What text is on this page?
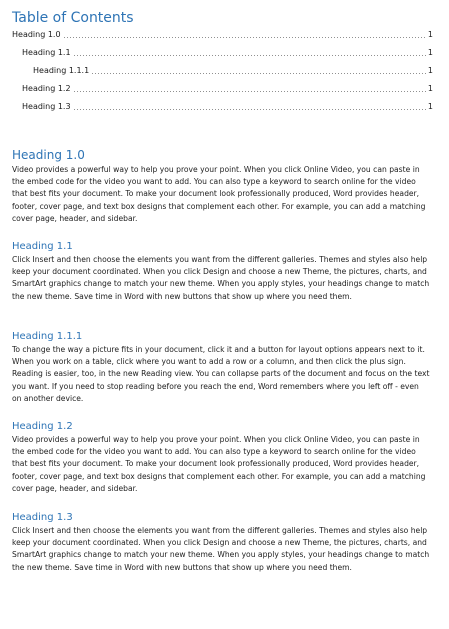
Table of Contents
Heading 1.0	1
Heading 1.1	1
Heading 1.1.1	1
Heading 1.2	1
Heading 1.3	1
Heading 1.0
Video provides a powerful way to help you prove your point. When you click Online Video, you can paste in the embed code for the video you want to add. You can also type a keyword to search online for the video that best fits your document. To make your document look professionally produced, Word provides header, footer, cover page, and text box designs that complement each other. For example, you can add a matching cover page, header, and sidebar.
Heading 1.1
Click Insert and then choose the elements you want from the different galleries. Themes and styles also help keep your document coordinated. When you click Design and choose a new Theme, the pictures, charts, and SmartArt graphics change to match your new theme. When you apply styles, your headings change to match the new theme. Save time in Word with new buttons that show up where you need them.
Heading 1.1.1
To change the way a picture fits in your document, click it and a button for layout options appears next to it. When you work on a table, click where you want to add a row or a column, and then click the plus sign. Reading is easier, too, in the new Reading view. You can collapse parts of the document and focus on the text you want. If you need to stop reading before you reach the end, Word remembers where you left off - even on another device.
Heading 1.2
Video provides a powerful way to help you prove your point. When you click Online Video, you can paste in the embed code for the video you want to add. You can also type a keyword to search online for the video that best fits your document. To make your document look professionally produced, Word provides header, footer, cover page, and text box designs that complement each other. For example, you can add a matching cover page, header, and sidebar.
Heading 1.3
Click Insert and then choose the elements you want from the different galleries. Themes and styles also help keep your document coordinated. When you click Design and choose a new Theme, the pictures, charts, and SmartArt graphics change to match your new theme. When you apply styles, your headings change to match the new theme. Save time in Word with new buttons that show up where you need them.
